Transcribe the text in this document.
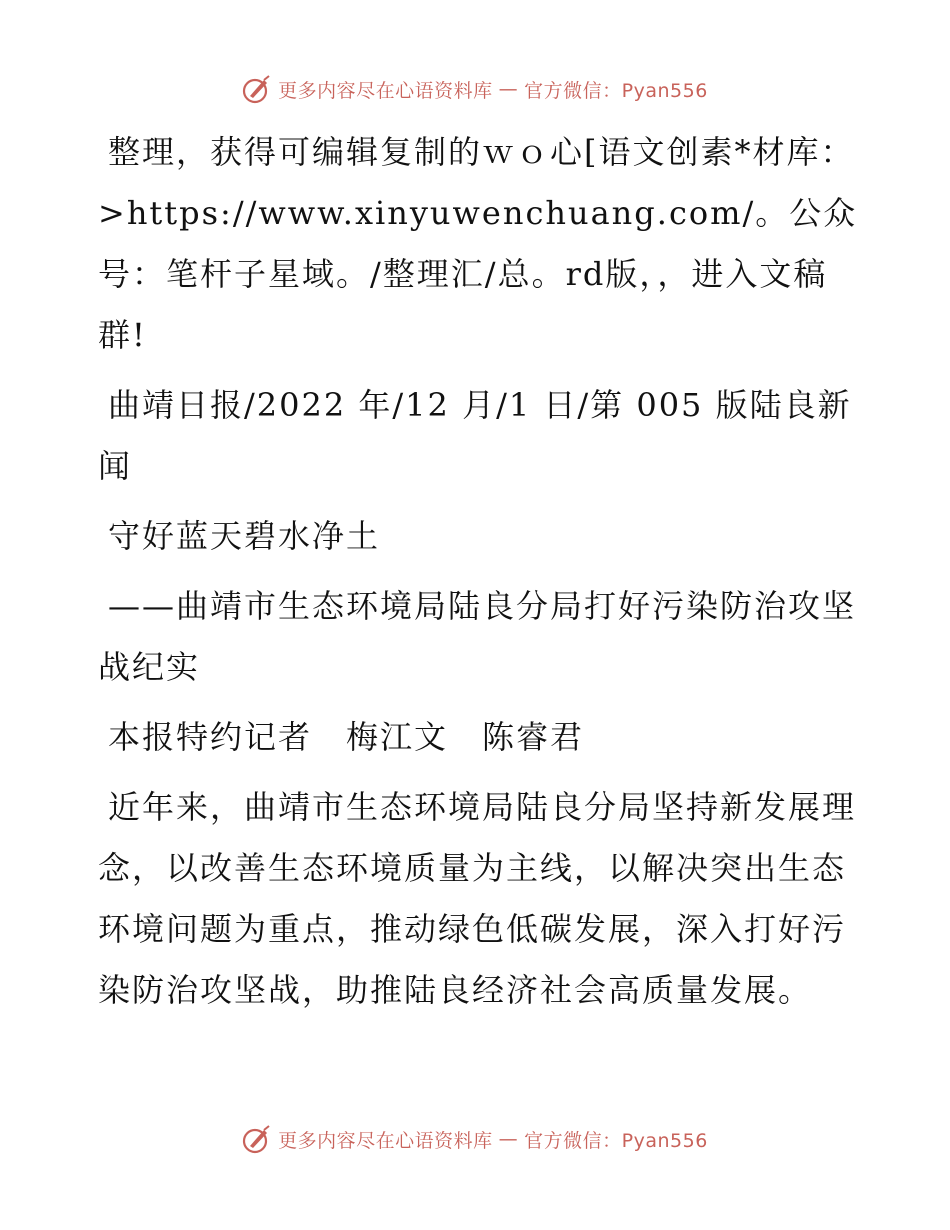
更多内容尽在心语资料库 — 官方微信：Pyan556

整理，获得可编辑复制的ｗｏ心[语文创素*材库：>https://www.xinyuwenchuang.com/。公众号：笔杆子星域。/整理汇/总。rd版，，进入文稿群!

曲靖日报/2022 年/12 月/1 日/第 005 版陆良新闻

守好蓝天碧水净土

——曲靖市生态环境局陆良分局打好污染防治攻坚战纪实

本报特约记者　梅江文　陈睿君

近年来，曲靖市生态环境局陆良分局坚持新发展理念，以改善生态环境质量为主线，以解决突出生态环境问题为重点，推动绿色低碳发展，深入打好污染防治攻坚战，助推陆良经济社会高质量发展。

更多内容尽在心语资料库 — 官方微信：Pyan556
